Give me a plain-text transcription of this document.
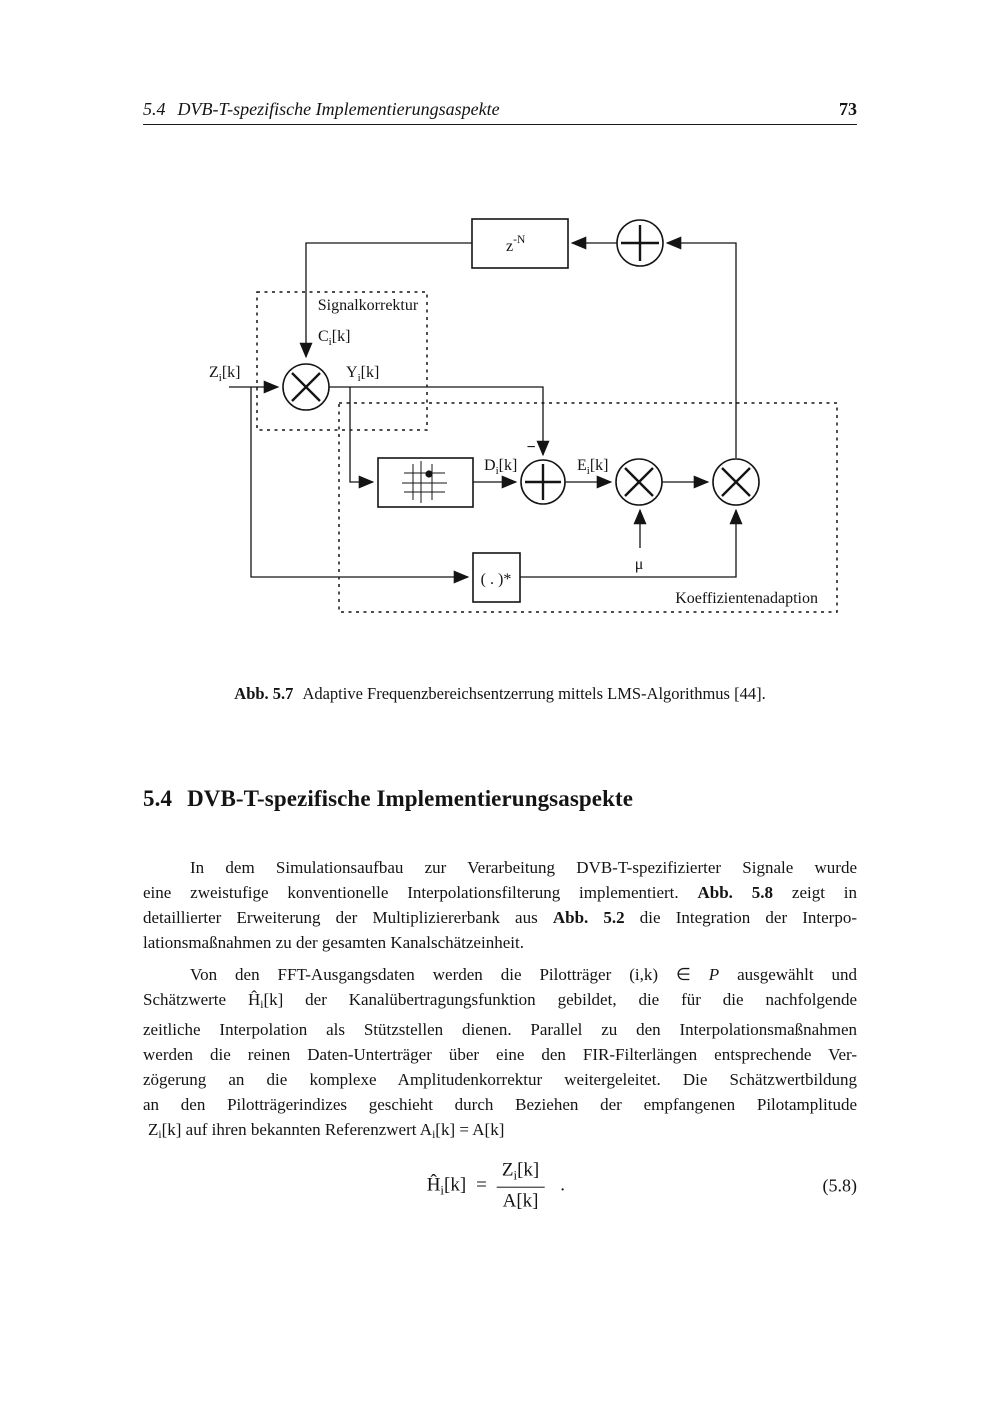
5.4 DVB-T-spezifische Implementierungsaspekte	73
$z^{-N}$
−
( . )*
Signalkorrektur
$C_i[k]$
$Z_i[k]$	$Y_i[k]$
$D_i[k]$	$E_i[k]$
μ
Koeffizientenadaption
Abb. 5.7 Adaptive Frequenzbereichsentzerrung mittels LMS-Algorithmus [44].
5.4 DVB-T-spezifische Implementierungsaspekte
In dem Simulationsaufbau zur Verarbeitung DVB-T-spezifizierter Signale wurde
eine zweistufige konventionelle Interpolationsfilterung implementiert. Abb. 5.8 zeigt in
detaillierter Erweiterung der Multipliziererbank aus Abb. 5.2 die Integration der Interpo-
lationsmaßnahmen zu der gesamten Kanalschätzeinheit.
Von den FFT-Ausgangsdaten werden die Pilotträger (i,k) ∈ P ausgewählt und
Schätzwerte $Ĥ_i[k]$ der Kanalübertragungsfunktion gebildet, die für die nachfolgende
zeitliche Interpolation als Stützstellen dienen. Parallel zu den Interpolationsmaßnahmen
werden die reinen Daten-Unterträger über eine den FIR-Filterlängen entsprechende Ver-
zögerung an die komplexe Amplitudenkorrektur weitergeleitet. Die Schätzwertbildung
an den Pilotträgerindizes geschieht durch Beziehen der empfangenen Pilotamplitude
$Z_i[k]$ auf ihren bekannten Referenzwert $A_i[k] = A[k]$
$Ĥ_i[k] = \frac{Z_i[k]}{A[k]}$ .	(5.8)
